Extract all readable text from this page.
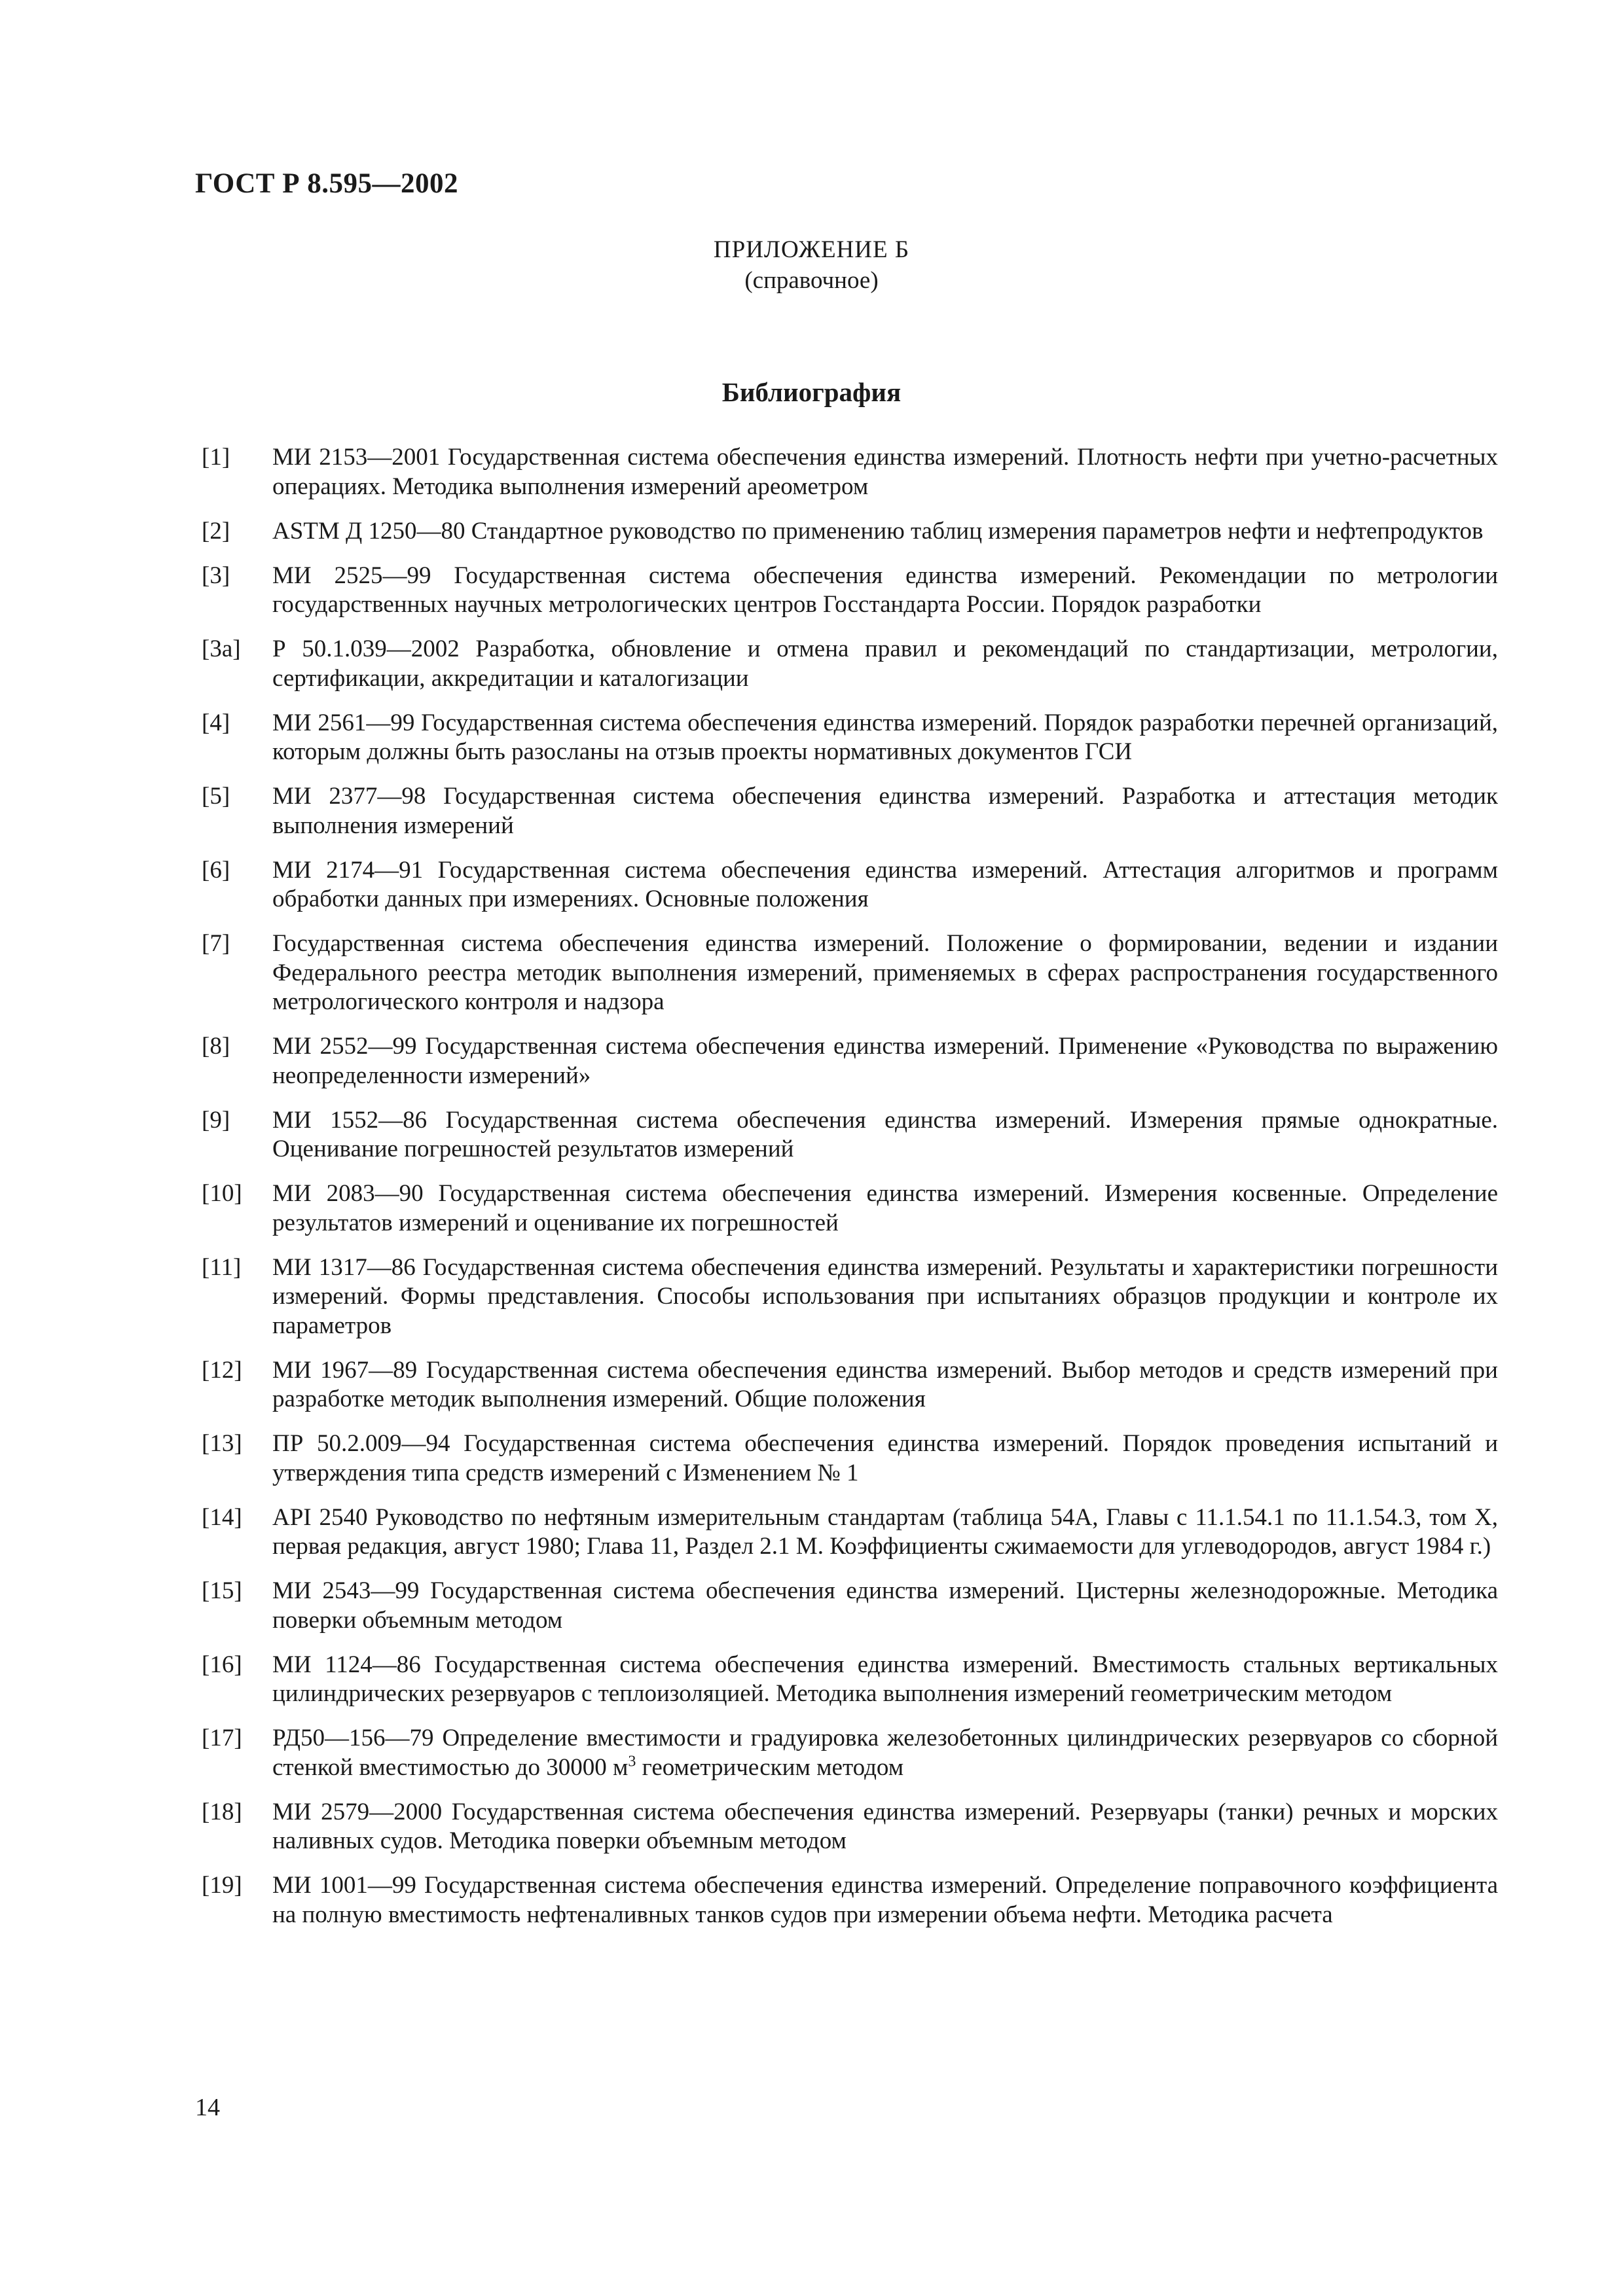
ГОСТ Р 8.595—2002
ПРИЛОЖЕНИЕ Б
(справочное)
Библиография
[1]	МИ 2153—2001 Государственная система обеспечения единства измерений. Плотность нефти при учетно-расчетных операциях. Методика выполнения измерений ареометром
[2]	ASTM Д 1250—80 Стандартное руководство по применению таблиц измерения параметров нефти и нефтепродуктов
[3]	МИ 2525—99 Государственная система обеспечения единства измерений. Рекомендации по метрологии государственных научных метрологических центров Госстандарта России. Порядок разработки
[3а]	Р 50.1.039—2002 Разработка, обновление и отмена правил и рекомендаций по стандартизации, метрологии, сертификации, аккредитации и каталогизации
[4]	МИ 2561—99 Государственная система обеспечения единства измерений. Порядок разработки перечней организаций, которым должны быть разосланы на отзыв проекты нормативных документов ГСИ
[5]	МИ 2377—98 Государственная система обеспечения единства измерений. Разработка и аттестация методик выполнения измерений
[6]	МИ 2174—91 Государственная система обеспечения единства измерений. Аттестация алгоритмов и программ обработки данных при измерениях. Основные положения
[7]	Государственная система обеспечения единства измерений. Положение о формировании, ведении и издании Федерального реестра методик выполнения измерений, применяемых в сферах распространения государственного метрологического контроля и надзора
[8]	МИ 2552—99 Государственная система обеспечения единства измерений. Применение «Руководства по выражению неопределенности измерений»
[9]	МИ 1552—86 Государственная система обеспечения единства измерений. Измерения прямые однократные. Оценивание погрешностей результатов измерений
[10]	МИ 2083—90 Государственная система обеспечения единства измерений. Измерения косвенные. Определение результатов измерений и оценивание их погрешностей
[11]	МИ 1317—86 Государственная система обеспечения единства измерений. Результаты и характеристики погрешности измерений. Формы представления. Способы использования при испытаниях образцов продукции и контроле их параметров
[12]	МИ 1967—89 Государственная система обеспечения единства измерений. Выбор методов и средств измерений при разработке методик выполнения измерений. Общие положения
[13]	ПР 50.2.009—94 Государственная система обеспечения единства измерений. Порядок проведения испытаний и утверждения типа средств измерений с Изменением № 1
[14]	API 2540 Руководство по нефтяным измерительным стандартам (таблица 54А, Главы с 11.1.54.1 по 11.1.54.3, том X, первая редакция, август 1980; Глава 11, Раздел 2.1 М. Коэффициенты сжимаемости для углеводородов, август 1984 г.)
[15]	МИ 2543—99 Государственная система обеспечения единства измерений. Цистерны железнодорожные. Методика поверки объемным методом
[16]	МИ 1124—86 Государственная система обеспечения единства измерений. Вместимость стальных вертикальных цилиндрических резервуаров с теплоизоляцией. Методика выполнения измерений геометрическим методом
[17]	РД50—156—79 Определение вместимости и градуировка железобетонных цилиндрических резервуаров со сборной стенкой вместимостью до 30000 $м^3$ геометрическим методом
[18]	МИ 2579—2000 Государственная система обеспечения единства измерений. Резервуары (танки) речных и морских наливных судов. Методика поверки объемным методом
[19]	МИ 1001—99 Государственная система обеспечения единства измерений. Определение поправочного коэффициента на полную вместимость нефтеналивных танков судов при измерении объема нефти. Методика расчета
14
